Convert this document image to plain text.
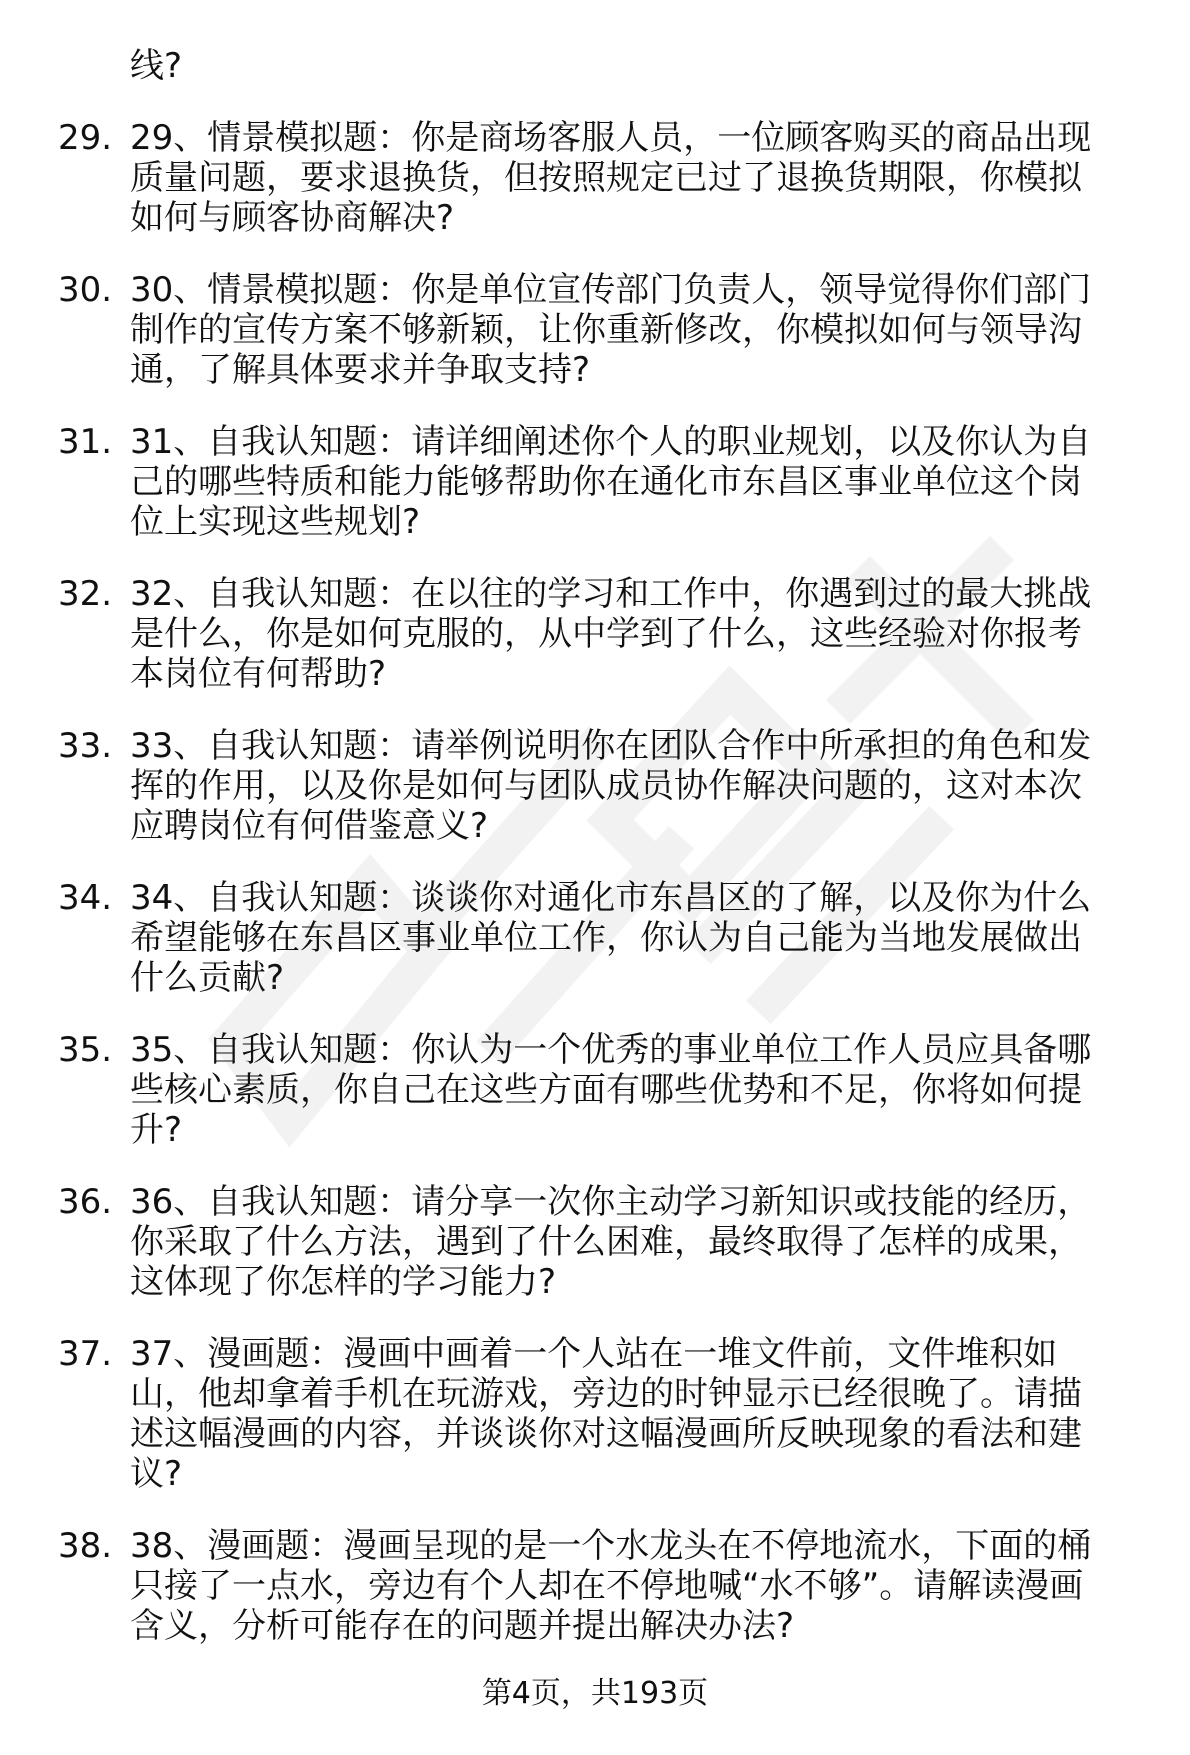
线?
29. 29、情景模拟题：你是商场客服人员，一位顾客购买的商品出现
质量问题，要求退换货，但按照规定已过了退换货期限，你模拟
如何与顾客协商解决?
30. 30、情景模拟题：你是单位宣传部门负责人，领导觉得你们部门
制作的宣传方案不够新颖，让你重新修改，你模拟如何与领导沟
通，了解具体要求并争取支持?
31. 31、自我认知题：请详细阐述你个人的职业规划，以及你认为自
己的哪些特质和能力能够帮助你在通化市东昌区事业单位这个岗
位上实现这些规划?
32. 32、自我认知题：在以往的学习和工作中，你遇到过的最大挑战
是什么，你是如何克服的，从中学到了什么，这些经验对你报考
本岗位有何帮助?
33. 33、自我认知题：请举例说明你在团队合作中所承担的角色和发
挥的作用，以及你是如何与团队成员协作解决问题的，这对本次
应聘岗位有何借鉴意义?
34. 34、自我认知题：谈谈你对通化市东昌区的了解，以及你为什么
希望能够在东昌区事业单位工作，你认为自己能为当地发展做出
什么贡献?
35. 35、自我认知题：你认为一个优秀的事业单位工作人员应具备哪
些核心素质，你自己在这些方面有哪些优势和不足，你将如何提
升?
36. 36、自我认知题：请分享一次你主动学习新知识或技能的经历，
你采取了什么方法，遇到了什么困难，最终取得了怎样的成果，
这体现了你怎样的学习能力?
37. 37、漫画题：漫画中画着一个人站在一堆文件前，文件堆积如
山，他却拿着手机在玩游戏，旁边的时钟显示已经很晚了。请描
述这幅漫画的内容，并谈谈你对这幅漫画所反映现象的看法和建
议?
38. 38、漫画题：漫画呈现的是一个水龙头在不停地流水，下面的桶
只接了一点水，旁边有个人却在不停地喊“水不够”。请解读漫画
含义，分析可能存在的问题并提出解决办法?
第4页，共193页
